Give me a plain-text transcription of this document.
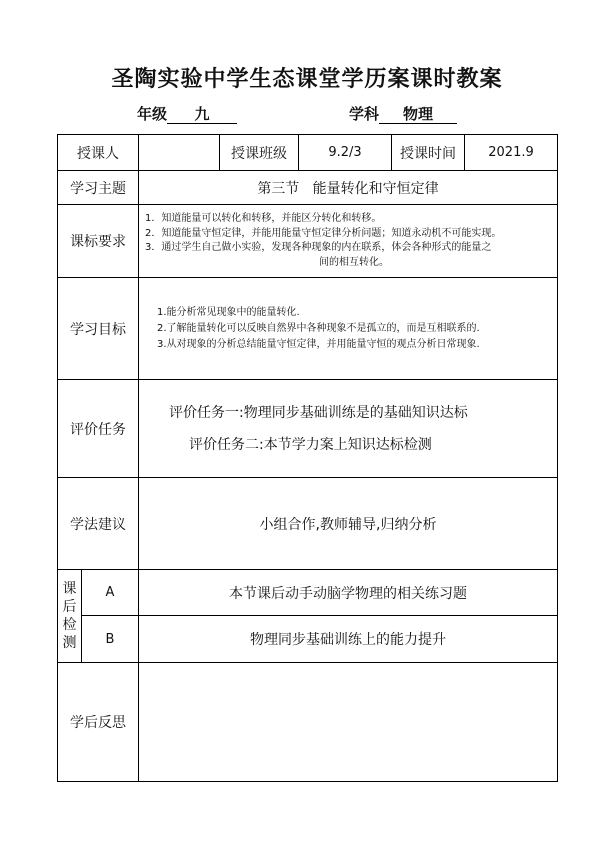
圣陶实验中学生态课堂学历案课时教案
年级 九	学科 物理
授课人			授课班级	9.2/3	授课时间	2021.9
学习主题		第三节   能量转化和守恒定律				
课标要求		1．知道能量可以转化和转移，并能区分转化和转移。
2．知道能量守恒定律，并能用能量守恒定律分析问题；知道永动机不可能实现。
3．通过学生自己做小实验，发现各种现象的内在联系，体会各种形式的能量之
间的相互转化。				

学习目标		1.能分析常见现象中的能量转化.
2.了解能量转化可以反映自然界中各种现象不是孤立的，而是互相联系的.
3.从对现象的分析总结能量守恒定律，并用能量守恒的观点分析日常现象.				

评价任务		评价任务一:物理同步基础训练是的基础知识达标
评价任务二:本节学力案上知识达标检测				

学法建议		小组合作,教师辅导,归纳分析				

课
后
检
测	A	本节课后动手动脑学物理的相关练习题				
	B	物理同步基础训练上的能力提升				
学后反思						
